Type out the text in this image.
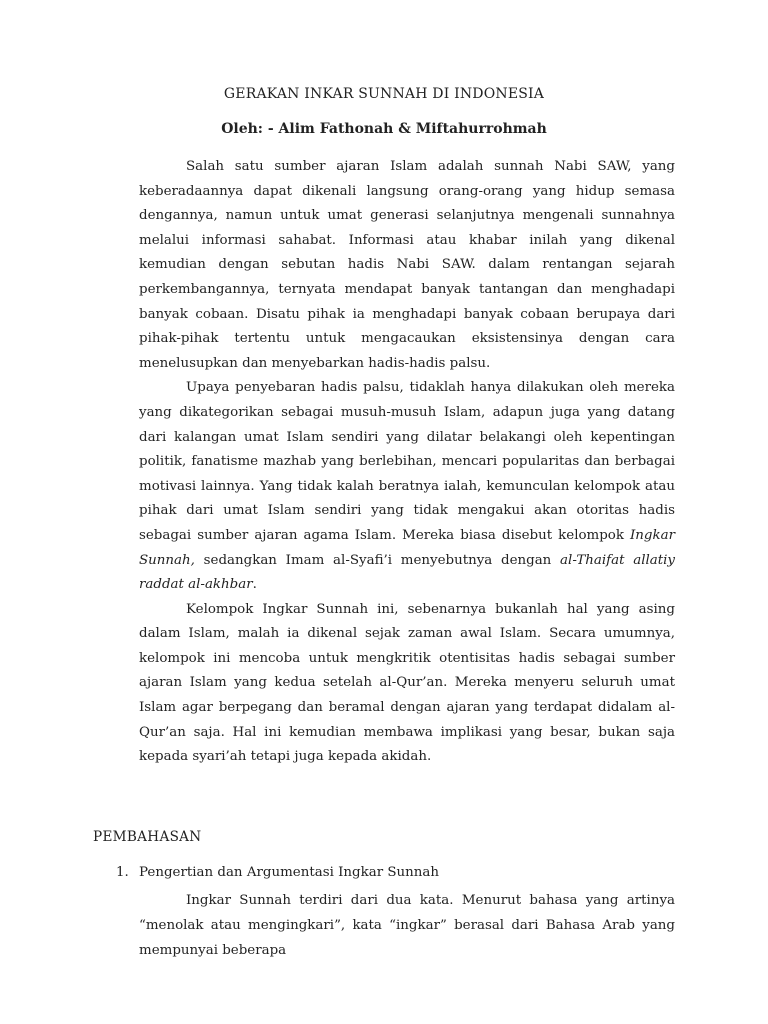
GERAKAN INKAR SUNNAH DI INDONESIA
Oleh: - Alim Fathonah & Miftahurrohmah

Salah satu sumber ajaran Islam adalah sunnah Nabi SAW, yang keberadaannya dapat dikenali langsung orang-orang yang hidup semasa dengannya, namun untuk umat generasi selanjutnya mengenali sunnahnya melalui informasi sahabat. Informasi atau khabar inilah yang dikenal kemudian dengan sebutan hadis Nabi SAW. dalam rentangan sejarah perkembangannya, ternyata mendapat banyak tantangan dan menghadapi banyak cobaan. Disatu pihak ia menghadapi banyak cobaan berupaya dari pihak-pihak tertentu untuk mengacaukan eksistensinya dengan cara menelusupkan dan menyebarkan hadis-hadis palsu.

Upaya penyebaran hadis palsu, tidaklah hanya dilakukan oleh mereka yang dikategorikan sebagai musuh-musuh Islam, adapun juga yang datang dari kalangan umat Islam sendiri yang dilatar belakangi oleh kepentingan politik, fanatisme mazhab yang berlebihan, mencari popularitas dan berbagai motivasi lainnya. Yang tidak kalah beratnya ialah, kemunculan kelompok atau pihak dari umat Islam sendiri yang tidak mengakui akan otoritas hadis sebagai sumber ajaran agama Islam. Mereka biasa disebut kelompok Ingkar Sunnah, sedangkan Imam al-Syafi’i menyebutnya dengan al-Thaifat allatiy raddat al-akhbar.

Kelompok Ingkar Sunnah ini, sebenarnya bukanlah hal yang asing dalam Islam, malah ia dikenal sejak zaman awal Islam. Secara umumnya, kelompok ini mencoba untuk mengkritik otentisitas hadis sebagai sumber ajaran Islam yang kedua setelah al-Qur’an. Mereka menyeru seluruh umat Islam agar berpegang dan beramal dengan ajaran yang terdapat didalam al-Qur’an saja. Hal ini kemudian membawa implikasi yang besar, bukan saja kepada syari’ah tetapi juga kepada akidah.

PEMBAHASAN
1. Pengertian dan Argumentasi Ingkar Sunnah

Ingkar Sunnah terdiri dari dua kata. Menurut bahasa yang artinya “menolak atau mengingkari”, kata “ingkar” berasal dari Bahasa Arab yang mempunyai beberapa
